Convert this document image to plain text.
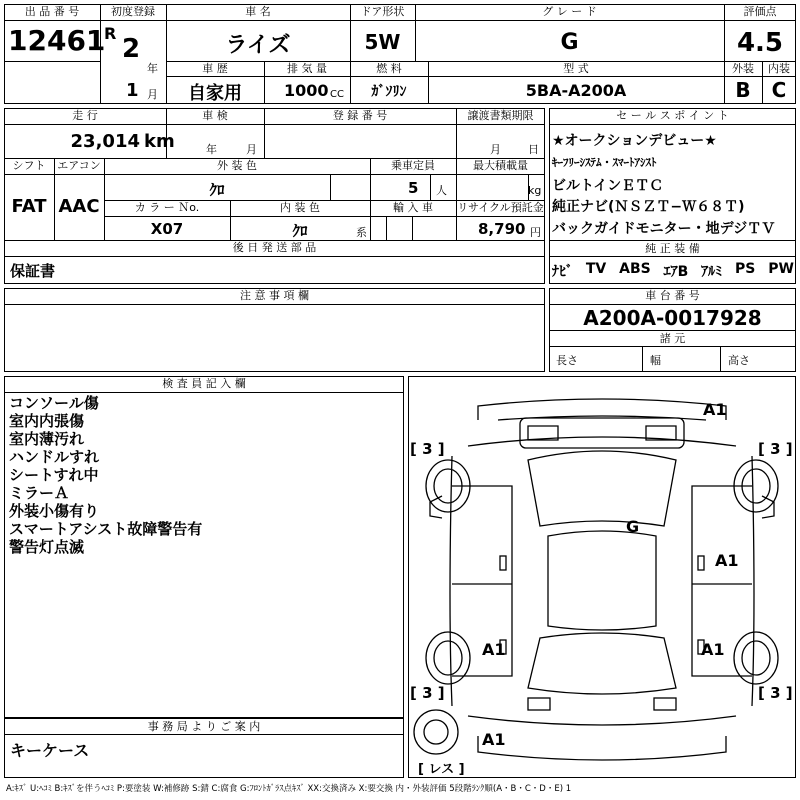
出 品 番 号
12461
初度登録
R
2
年
1 月
車 名
ライズ
ドア形状
5W
グ レ ー ド
G
評価点
4.5
車 歴
自家用
排 気 量
1000 CC
燃 料
ｶﾞｿﾘﾝ
型 式
5BA-A200A
外装	内装
B	C
走 行
23,014 km
車 検
年	月
登 録 番 号	譲渡書類期限
月 日
シフト
FAT
エアコン
AAC
外 装 色
ｸﾛ
乗車定員
5 人
最大積載量
kg
カ ラ ー Ｎo.
X07
内 装 色
ｸﾛ	系
輸 入 車	リサイクル預託金
8,790 円
後 日 発 送 部 品
保証書
セ ー ル ス ポ イ ン ト
★オークションデビュー★
ｷｰﾌﾘｰｼｽﾃﾑ・ｽﾏｰﾄｱｼｽﾄ
ビルトインＥＴＣ
純正ナビ(ＮＳＺＴ−Ｗ６８Ｔ)
バックガイドモニター・地デジＴＶ
純 正 装 備
ﾅﾋﾞ TV ABS ｴｱB ｱﾙﾐ PS PW
注 意 事 項 欄	車 台 番 号
A200A-0017928
諸 元
長さ	幅	高さ
検 査 員 記 入 欄
コンソール傷
室内内張傷
室内薄汚れ
ハンドルすれ
シートすれ中
ミラーＡ
外装小傷有り
スマートアシスト故障警告有
警告灯点滅
事 務 局 よ り ご 案 内
キーケース
A1
G
A1
A1	A1
A1
[ 3 ]	[ 3 ]
[ 3 ]	[ 3 ]
[ レス ]
A:ｷｽﾞ U:ﾍｺﾐ B:ｷｽﾞを伴うﾍｺﾐ P:要塗装 W:補修跡 S:錆 C:腐食 G:ﾌﾛﾝﾄｶﾞﾗｽ点ｷｽﾞ XX:交換済み X:要交換 内・外装評価 5段階ﾗﾝｸ順(A・B・C・D・E) 1
